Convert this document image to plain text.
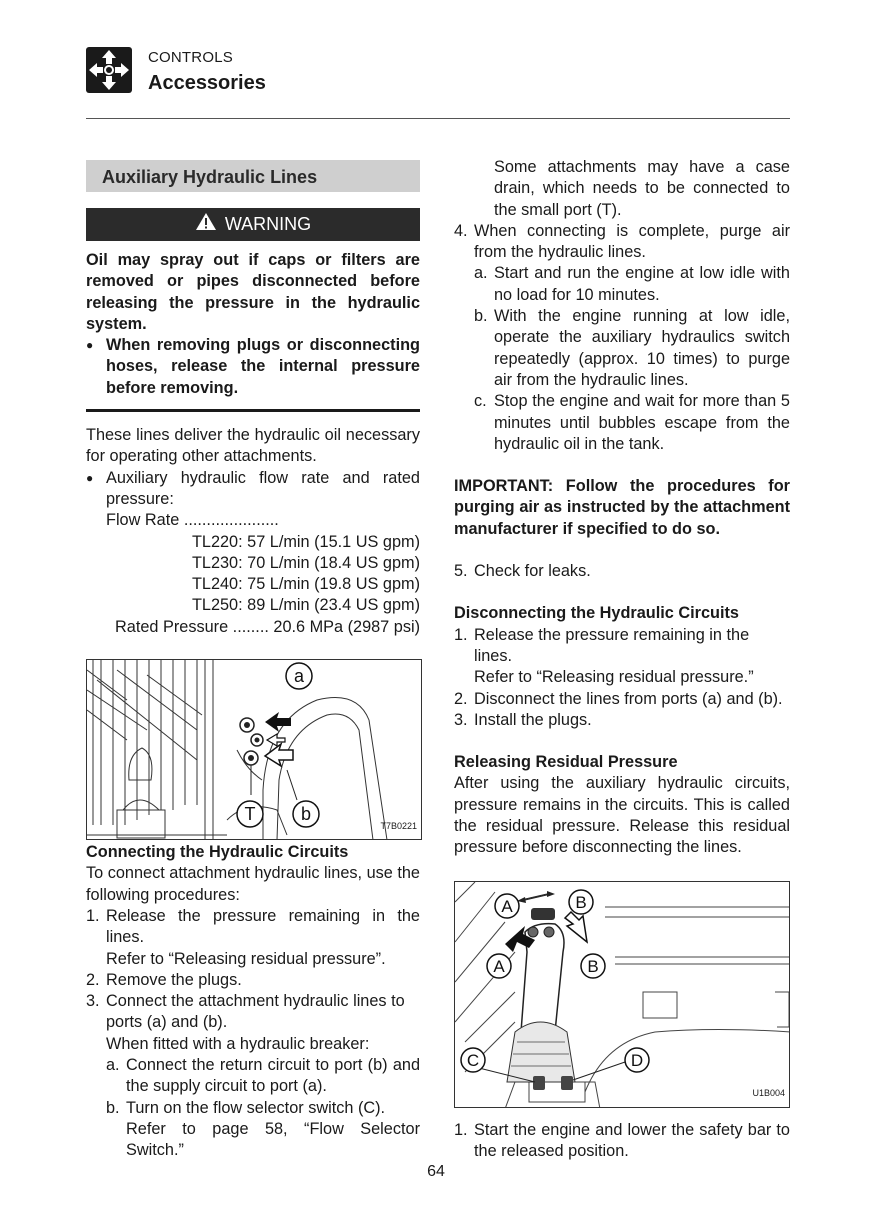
CONTROLS
Accessories
Auxiliary Hydraulic Lines
WARNING

Oil may spray out if caps or filters are removed or pipes disconnected before releasing the pressure in the hydraulic system.

● When removing plugs or disconnecting hoses, release the internal pressure before removing.

These lines deliver the hydraulic oil necessary for operating other attachments.

● Auxiliary hydraulic flow rate and rated pressure:

Flow Rate .....................

TL220: 57 L/min (15.1 US gpm)

TL230: 70 L/min (18.4 US gpm)

TL240: 75 L/min (19.8 US gpm)

TL250: 89 L/min (23.4 US gpm)

Rated Pressure ........ 20.6 MPa (2987 psi)

a
T	b
T7B0221

Connecting the Hydraulic Circuits

To connect attachment hydraulic lines, use the following procedures:

1. Release the pressure remaining in the lines.

Refer to “Releasing residual pressure”.

2. Remove the plugs.
3. Connect the attachment hydraulic lines to ports (a) and (b).

When fitted with a hydraulic breaker:

a. Connect the return circuit to port (b) and the supply circuit to port (a).
b. Turn on the flow selector switch (C).

Refer to page 58, “Flow Selector Switch.”

Some attachments may have a case drain, which needs to be connected to the small port (T).

4. When connecting is complete, purge air from the hydraulic lines.
a. Start and run the engine at low idle with no load for 10 minutes.
b. With the engine running at low idle, operate the auxiliary hydraulics switch repeatedly (approx. 10 times) to purge air from the hydraulic lines.
c. Stop the engine and wait for more than 5 minutes until bubbles escape from the hydraulic oil in the tank.

IMPORTANT: Follow the procedures for purging air as instructed by the attachment manufacturer if specified to do so.

5. Check for leaks.

Disconnecting the Hydraulic Circuits

1. Release the pressure remaining in the lines.

Refer to “Releasing residual pressure.”

2. Disconnect the lines from ports (a) and (b).
3. Install the plugs.

Releasing Residual Pressure

After using the auxiliary hydraulic circuits, pressure remains in the circuits. This is called the residual pressure. Release this residual pressure before disconnecting the lines.

A	B
A	B
C	D
U1B004
1. Start the engine and lower the safety bar to the released position.
64
